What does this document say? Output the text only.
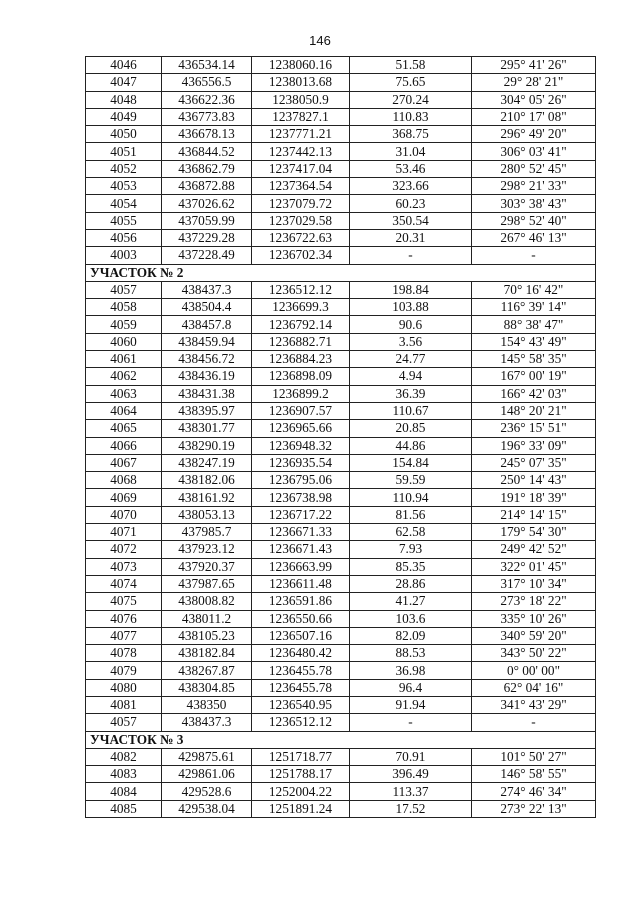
146
4046	436534.14	1238060.16	51.58	295° 41' 26"
4047	436556.5	1238013.68	75.65	29° 28' 21"
4048	436622.36	1238050.9	270.24	304° 05' 26"
4049	436773.83	1237827.1	110.83	210° 17' 08"
4050	436678.13	1237771.21	368.75	296° 49' 20"
4051	436844.52	1237442.13	31.04	306° 03' 41"
4052	436862.79	1237417.04	53.46	280° 52' 45"
4053	436872.88	1237364.54	323.66	298° 21' 33"
4054	437026.62	1237079.72	60.23	303° 38' 43"
4055	437059.99	1237029.58	350.54	298° 52' 40"
4056	437229.28	1236722.63	20.31	267° 46' 13"
4003	437228.49	1236702.34	-	-
УЧАСТОК № 2				
4057	438437.3	1236512.12	198.84	70° 16' 42"
4058	438504.4	1236699.3	103.88	116° 39' 14"
4059	438457.8	1236792.14	90.6	88° 38' 47"
4060	438459.94	1236882.71	3.56	154° 43' 49"
4061	438456.72	1236884.23	24.77	145° 58' 35"
4062	438436.19	1236898.09	4.94	167° 00' 19"
4063	438431.38	1236899.2	36.39	166° 42' 03"
4064	438395.97	1236907.57	110.67	148° 20' 21"
4065	438301.77	1236965.66	20.85	236° 15' 51"
4066	438290.19	1236948.32	44.86	196° 33' 09"
4067	438247.19	1236935.54	154.84	245° 07' 35"
4068	438182.06	1236795.06	59.59	250° 14' 43"
4069	438161.92	1236738.98	110.94	191° 18' 39"
4070	438053.13	1236717.22	81.56	214° 14' 15"
4071	437985.7	1236671.33	62.58	179° 54' 30"
4072	437923.12	1236671.43	7.93	249° 42' 52"
4073	437920.37	1236663.99	85.35	322° 01' 45"
4074	437987.65	1236611.48	28.86	317° 10' 34"
4075	438008.82	1236591.86	41.27	273° 18' 22"
4076	438011.2	1236550.66	103.6	335° 10' 26"
4077	438105.23	1236507.16	82.09	340° 59' 20"
4078	438182.84	1236480.42	88.53	343° 50' 22"
4079	438267.87	1236455.78	36.98	0° 00' 00"
4080	438304.85	1236455.78	96.4	62° 04' 16"
4081	438350	1236540.95	91.94	341° 43' 29"
4057	438437.3	1236512.12	-	-
УЧАСТОК № 3				
4082	429875.61	1251718.77	70.91	101° 50' 27"
4083	429861.06	1251788.17	396.49	146° 58' 55"
4084	429528.6	1252004.22	113.37	274° 46' 34"
4085	429538.04	1251891.24	17.52	273° 22' 13"
